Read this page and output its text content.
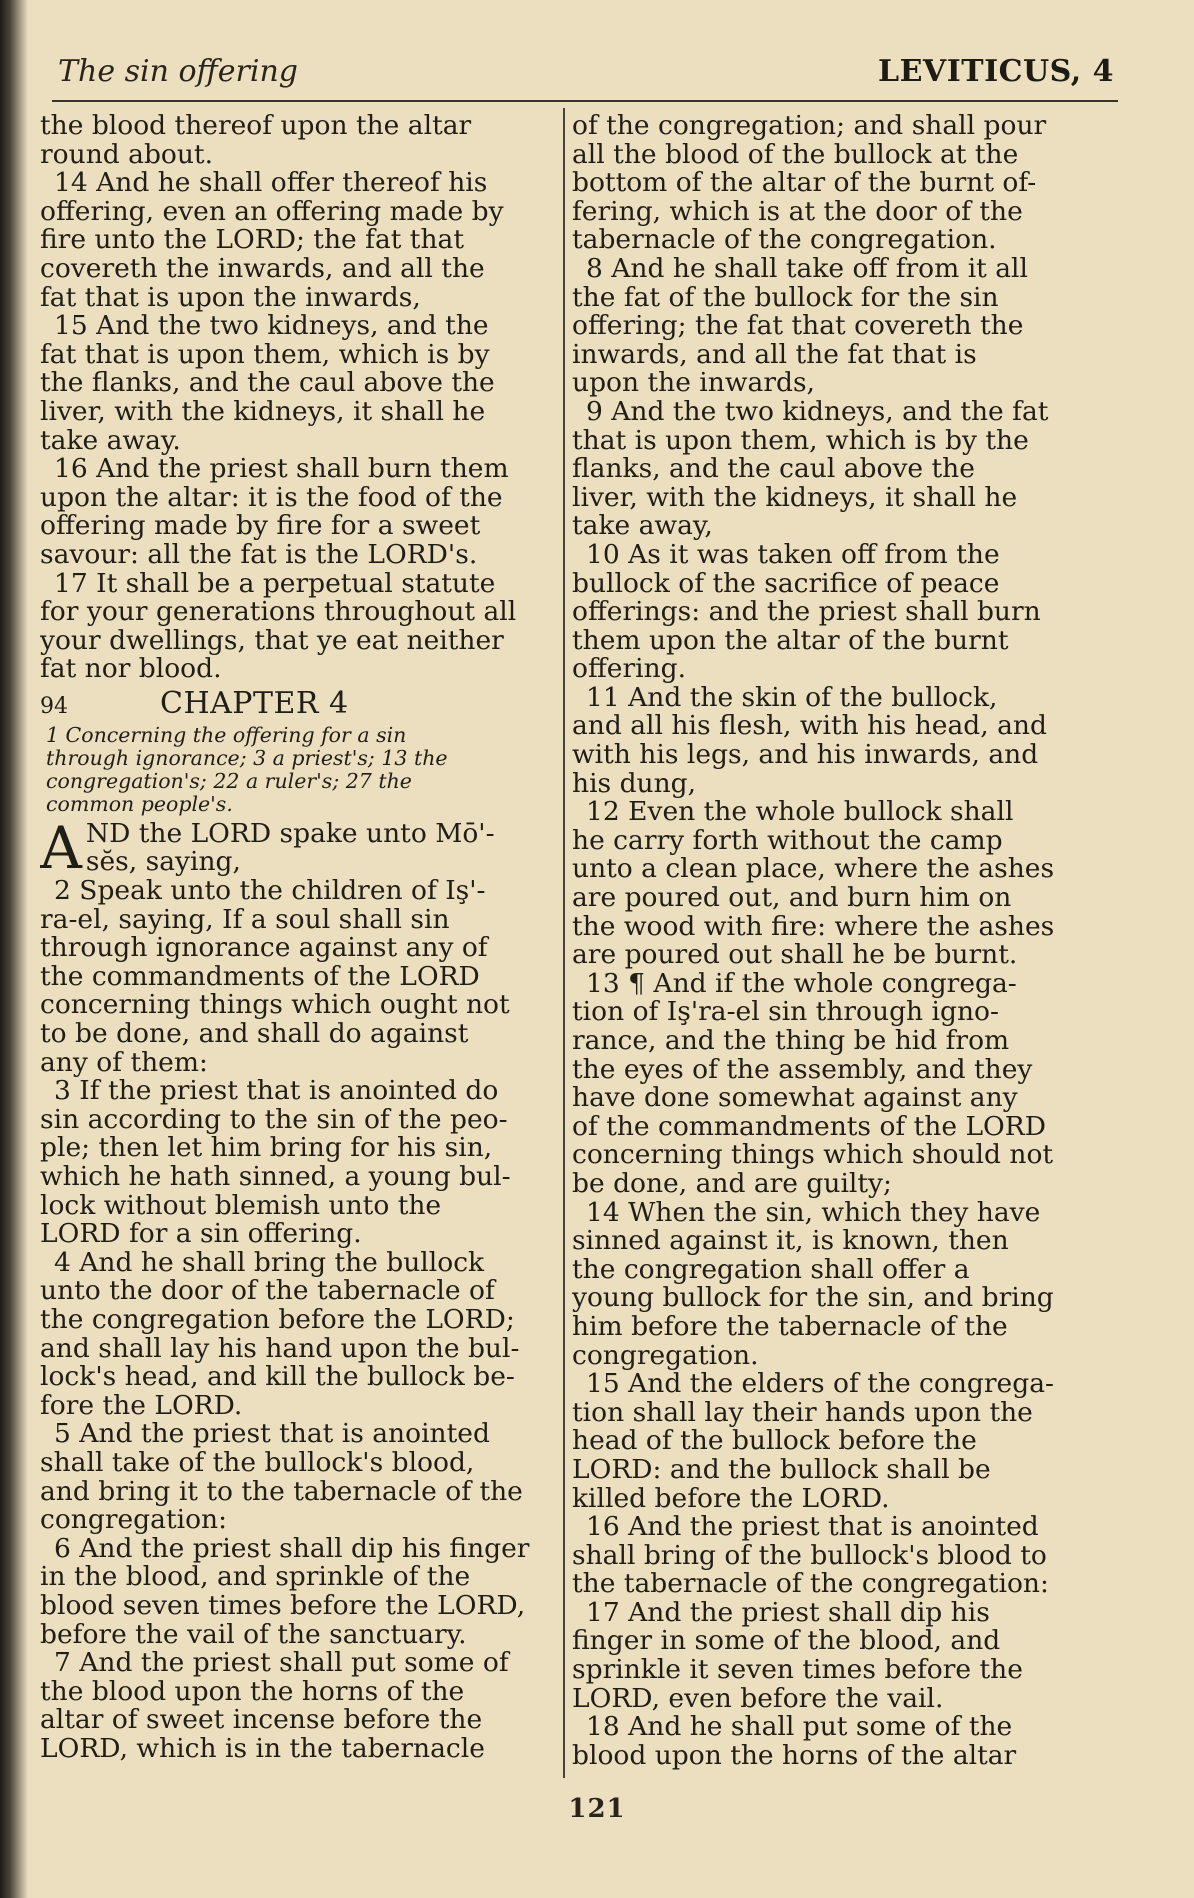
The sin offering	LEVITICUS, 4
the blood thereof upon the altar
round about.
14 And he shall offer thereof his
offering, even an offering made by
fire unto the LORD; the fat that
covereth the inwards, and all the
fat that is upon the inwards,
15 And the two kidneys, and the
fat that is upon them, which is by
the flanks, and the caul above the
liver, with the kidneys, it shall he
take away.
16 And the priest shall burn them
upon the altar: it is the food of the
offering made by fire for a sweet
savour: all the fat is the LORD's.
17 It shall be a perpetual statute
for your generations throughout all
your dwellings, that ye eat neither
fat nor blood.
94	CHAPTER 4
1 Concerning the offering for a sin
through ignorance; 3 a priest's; 13 the
congregation's; 22 a ruler's; 27 the
common people's.
A ND the LORD spake unto Mō'-
sĕs, saying,
2 Speak unto the children of Iş'-
ra-el, saying, If a soul shall sin
through ignorance against any of
the commandments of the LORD
concerning things which ought not
to be done, and shall do against
any of them:
3 If the priest that is anointed do
sin according to the sin of the peo-
ple; then let him bring for his sin,
which he hath sinned, a young bul-
lock without blemish unto the
LORD for a sin offering.
4 And he shall bring the bullock
unto the door of the tabernacle of
the congregation before the LORD;
and shall lay his hand upon the bul-
lock's head, and kill the bullock be-
fore the LORD.
5 And the priest that is anointed
shall take of the bullock's blood,
and bring it to the tabernacle of the
congregation:
6 And the priest shall dip his finger
in the blood, and sprinkle of the
blood seven times before the LORD,
before the vail of the sanctuary.
7 And the priest shall put some of
the blood upon the horns of the
altar of sweet incense before the
LORD, which is in the tabernacle
of the congregation; and shall pour
all the blood of the bullock at the
bottom of the altar of the burnt of-
fering, which is at the door of the
tabernacle of the congregation.
8 And he shall take off from it all
the fat of the bullock for the sin
offering; the fat that covereth the
inwards, and all the fat that is
upon the inwards,
9 And the two kidneys, and the fat
that is upon them, which is by the
flanks, and the caul above the
liver, with the kidneys, it shall he
take away,
10 As it was taken off from the
bullock of the sacrifice of peace
offerings: and the priest shall burn
them upon the altar of the burnt
offering.
11 And the skin of the bullock,
and all his flesh, with his head, and
with his legs, and his inwards, and
his dung,
12 Even the whole bullock shall
he carry forth without the camp
unto a clean place, where the ashes
are poured out, and burn him on
the wood with fire: where the ashes
are poured out shall he be burnt.
13 ¶ And if the whole congrega-
tion of Iş'ra-el sin through igno-
rance, and the thing be hid from
the eyes of the assembly, and they
have done somewhat against any
of the commandments of the LORD
concerning things which should not
be done, and are guilty;
14 When the sin, which they have
sinned against it, is known, then
the congregation shall offer a
young bullock for the sin, and bring
him before the tabernacle of the
congregation.
15 And the elders of the congrega-
tion shall lay their hands upon the
head of the bullock before the
LORD: and the bullock shall be
killed before the LORD.
16 And the priest that is anointed
shall bring of the bullock's blood to
the tabernacle of the congregation:
17 And the priest shall dip his
finger in some of the blood, and
sprinkle it seven times before the
LORD, even before the vail.
18 And he shall put some of the
blood upon the horns of the altar
121
